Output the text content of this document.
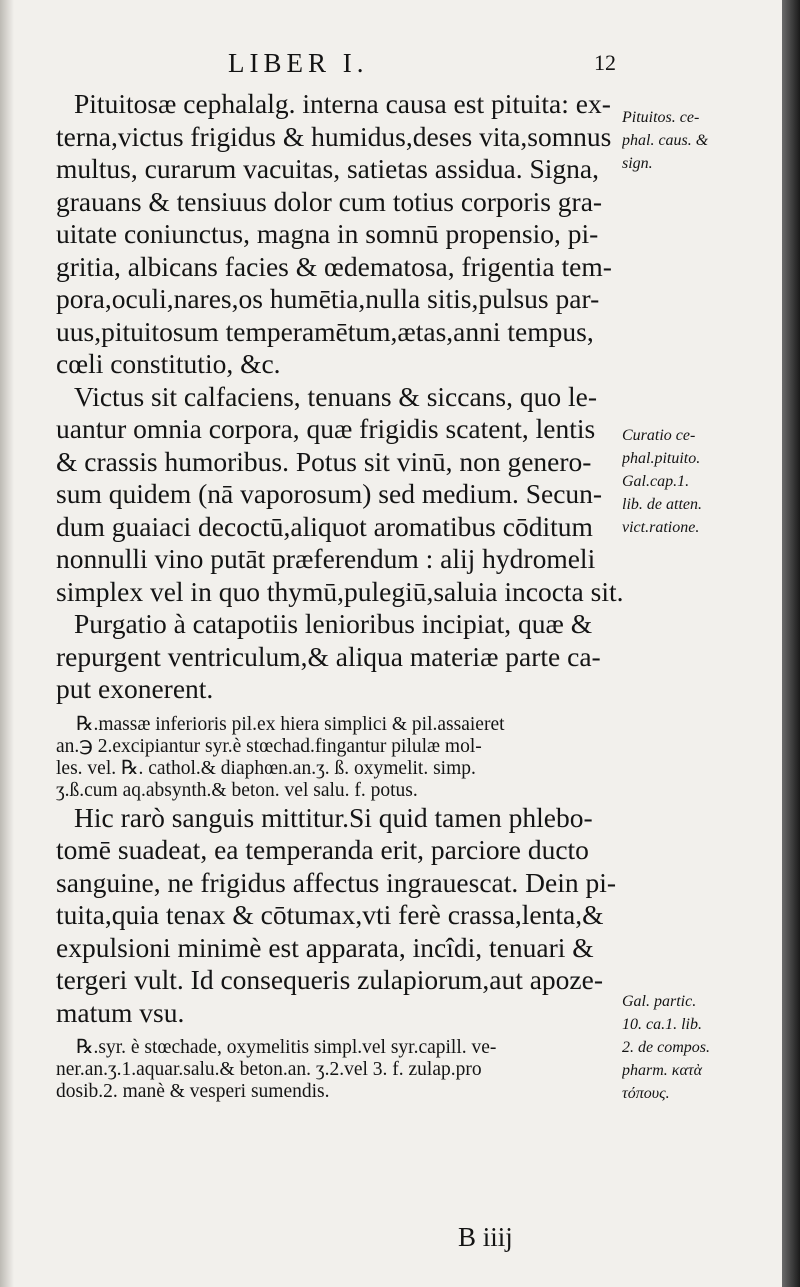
LIBER I.	12
Pituitosæ cephalalg. interna causa est pituita: ex-
terna,victus frigidus & humidus,deses vita,somnus
multus, curarum vacuitas, satietas assidua. Signa,
grauans & tensiuus dolor cum totius corporis gra-
uitate coniunctus, magna in somnū propensio, pi-
gritia, albicans facies & œdematosa, frigentia tem-
pora,oculi,nares,os humētia,nulla sitis,pulsus par-
uus,pituitosum temperamētum,ætas,anni tempus,
cœli constitutio, &c.
Victus sit calfaciens, tenuans & siccans, quo le-
uantur omnia corpora, quæ frigidis scatent, lentis
& crassis humoribus. Potus sit vinū, non genero-
sum quidem (nā vaporosum) sed medium. Secun-
dum guaiaci decoctū,aliquot aromatibus cōditum
nonnulli vino putāt præferendum : alij hydromeli
simplex vel in quo thymū,pulegiū,saluia incocta sit.
Purgatio à catapotiis lenioribus incipiat, quæ &
repurgent ventriculum,& aliqua materiæ parte ca-
put exonerent.
℞.massæ inferioris pil.ex hiera simplici & pil.assaieret
an.℈ 2.excipiantur syr.è stœchad.fingantur pilulæ mol-
les. vel. ℞. cathol.& diaphœn.an.ʒ. ß. oxymelit. simp.
ʒ.ß.cum aq.absynth.& beton. vel salu. f. potus.
Hic rarò sanguis mittitur.Si quid tamen phlebo-
tomē suadeat, ea temperanda erit, parciore ducto
sanguine, ne frigidus affectus ingrauescat. Dein pi-
tuita,quia tenax & cōtumax,vti ferè crassa,lenta,&
expulsioni minimè est apparata, incîdi, tenuari &
tergeri vult. Id consequeris zulapiorum,aut apoze-
matum vsu.
℞.syr. è stœchade, oxymelitis simpl.vel syr.capill. ve-
ner.an.ʒ.1.aquar.salu.& beton.an. ʒ.2.vel 3. f. zulap.pro
dosib.2. manè & vesperi sumendis.
Pituitos. ce-
phal. caus. &
sign.
Curatio ce-
phal.pituito.
Gal.cap.1.
lib. de atten.
vict.ratione.
Gal. partic.
10. ca.1. lib.
2. de compos.
pharm. κατὰ
τόπους.
B iiij
